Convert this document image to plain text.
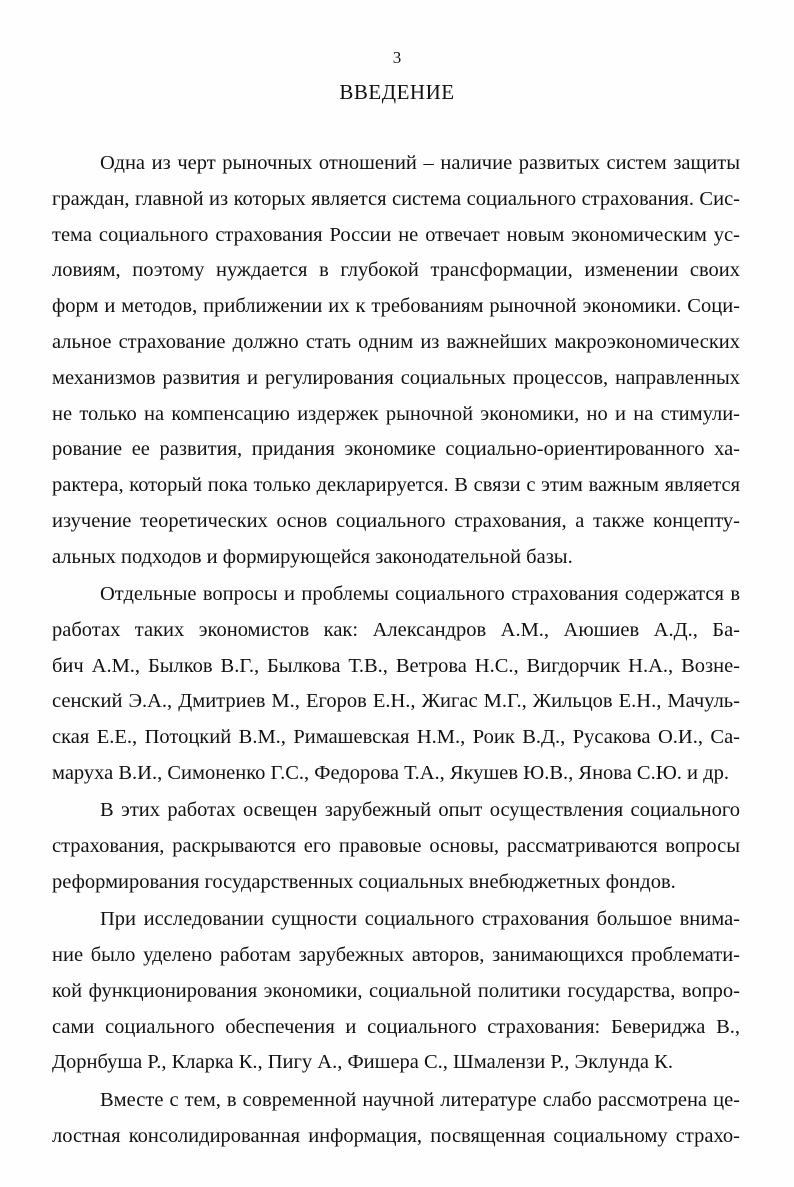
3
ВВЕДЕНИЕ
Одна из черт рыночных отношений – наличие развитых систем защиты
граждан, главной из которых является система социального страхования. Сис-
тема социального страхования России не отвечает новым экономическим ус-
ловиям, поэтому нуждается в глубокой трансформации, изменении своих
форм и методов, приближении их к требованиям рыночной экономики. Соци-
альное страхование должно стать одним из важнейших макроэкономических
механизмов развития и регулирования социальных процессов, направленных
не только на компенсацию издержек рыночной экономики, но и на стимули-
рование ее развития, придания экономике социально-ориентированного ха-
рактера, который пока только декларируется. В связи с этим важным является
изучение теоретических основ социального страхования, а также концепту-
альных подходов и формирующейся законодательной базы.
Отдельные вопросы и проблемы социального страхования содержатся в
работах таких экономистов как: Александров А.М., Аюшиев А.Д., Ба-
бич А.М., Былков В.Г., Былкова Т.В., Ветрова Н.С., Вигдорчик Н.А., Возне-
сенский Э.А., Дмитриев М., Егоров Е.Н., Жигас М.Г., Жильцов Е.Н., Мачуль-
ская Е.Е., Потоцкий В.М., Римашевская Н.М., Роик В.Д., Русакова О.И., Са-
маруха В.И., Симоненко Г.С., Федорова Т.А., Якушев Ю.В., Янова С.Ю. и др.
В этих работах освещен зарубежный опыт осуществления социального
страхования, раскрываются его правовые основы, рассматриваются вопросы
реформирования государственных социальных внебюджетных фондов.
При исследовании сущности социального страхования большое внима-
ние было уделено работам зарубежных авторов, занимающихся проблемати-
кой функционирования экономики, социальной политики государства, вопро-
сами социального обеспечения и социального страхования: Бевериджа В.,
Дорнбуша Р., Кларка К., Пигу А., Фишера С., Шмалензи Р., Эклунда К.
Вместе с тем, в современной научной литературе слабо рассмотрена це-
лостная консолидированная информация, посвященная социальному страхо-
